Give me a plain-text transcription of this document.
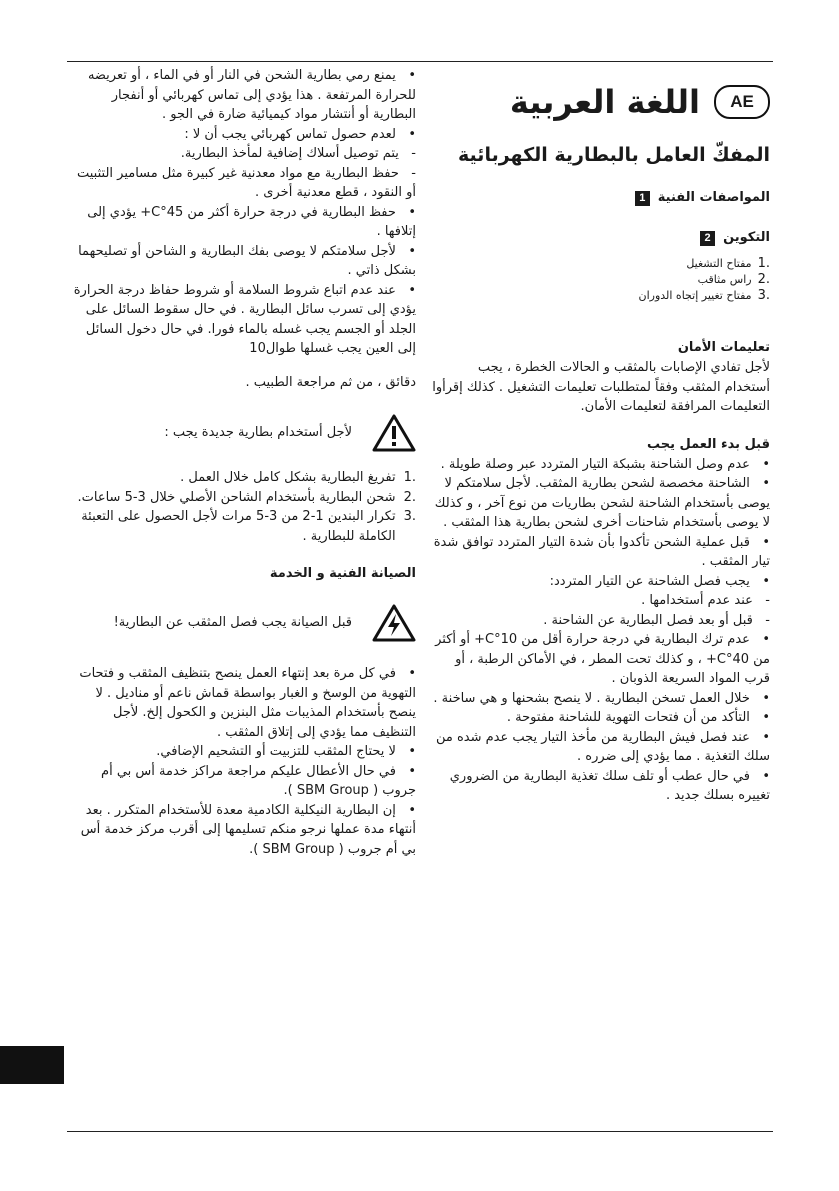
AE
اللغة العربية
المفكّ العامل بالبطارية الكهربائية
المواصفات الفنية
1
التكوين
2
.1
مفتاح التشغيل
.2
راس مثاقب
.3
مفتاح تغيير إتجاه الدوران
تعليمات الأمان

لأجل تفادي الإصابات بالمثقب و الحالات الخطرة ، يجب أستخدام المثقب وفقاً لمتطلبات تعليمات التشغيل . كذلك إقرأوا التعليمات المرافقة لتعليمات الأمان.

قبل بدء العمل يجب

•   عدم وصل الشاحنة بشبكة التيار المتردد عبر وصلة طويلة .

•   الشاحنة مخصصة لشحن بطارية المثقب. لأجل سلامتكم لا يوصى بأستخدام الشاحنة لشحن بطاريات من نوع آخر ، و كذلك لا يوصى بأستخدام شاحنات أخرى لشحن بطارية هذا المثقب .

•   قبل عملية الشحن تأكدوا بأن شدة التيار المتردد توافق شدة تيار المثقب .

•   يجب فصل الشاحنة عن التيار المتردد:

-   عند عدم أستخدامها .

-   قبل أو بعد فصل البطارية عن الشاحنة .

•   عدم ترك البطارية في درجة حرارة أقل من 10°C+ أو أكثر من 40°C+ ، و كذلك تحت المطر ، في الأماكن الرطبة ، أو قرب المواد السريعة الذوبان .

•   خلال العمل تسخن البطارية . لا ينصح بشحنها و هي ساخنة .

•   التأكد من أن فتحات التهوية للشاحنة مفتوحة .

•   عند فصل فيش البطارية من مأخذ التيار يجب عدم شده من سلك التغذية . مما يؤدي إلى ضرره .

•   في حال عطب أو تلف سلك تغذية البطارية من الضروري تغييره بسلك جديد .

•   يمنع رمي بطارية الشحن في النار أو في الماء ، أو تعريضه للحرارة المرتفعة . هذا يؤدي إلى تماس كهربائي أو أنفجار البطارية أو أنتشار مواد كيميائية ضارة في الجو .

•   لعدم حصول تماس كهربائي يجب أن لا :

-   يتم توصيل أسلاك إضافية لمأخذ البطارية.

-   حفظ البطارية مع مواد معدنية غير كبيرة مثل مسامير التثبيت أو النقود ، قطع معدنية أخرى .

•   حفظ البطارية في درجة حرارة أكثر من 45°C+ يؤدي إلى إتلافها .

•   لأجل سلامتكم لا يوصى بفك البطارية و الشاحن أو تصليحهما بشكل ذاتي .

•   عند عدم اتباع شروط السلامة أو شروط حفاظ درجة الحرارة يؤدي إلى تسرب سائل البطارية . في حال سقوط السائل على الجلد أو الجسم يجب غسله بالماء فورا. في حال دخول السائل إلى العين يجب غسلها طوال10

دقائق ، من ثم مراجعة الطبيب .

لأجل أستخدام بطارية جديدة يجب :
.1
تفريغ البطارية بشكل كامل خلال العمل .
.2
شحن البطارية بأستخدام الشاحن الأصلي خلال 3-5 ساعات.
.3
تكرار البندين 1-2 من 3-5 مرات لأجل الحصول على التعبئة الكاملة للبطارية .
الصيانة الفنية و الخدمة
قبل الصيانة يجب فصل المثقب عن البطارية!

•   في كل مرة بعد إنتهاء العمل ينصح بتنظيف المثقب و فتحات التهوية من الوسخ و الغبار بواسطة قماش ناعم أو مناديل . لا ينصح بأستخدام المذيبات مثل البنزين و الكحول إلخ. لأجل التنظيف مما يؤدي إلى إتلاق المثقب .

•   لا يحتاج المثقب للتزبيت أو التشحيم الإضافي.

•   في حال الأعطال عليكم مراجعة مراكز خدمة أس بي أم جروب ( SBM Group ).

•   إن البطارية النيكلية الكادمية معدة للأستخدام المتكرر . بعد أنتهاء مدة عملها نرجو منكم تسليمها إلى أقرب مركز خدمة أس بي أم جروب ( SBM Group ).
